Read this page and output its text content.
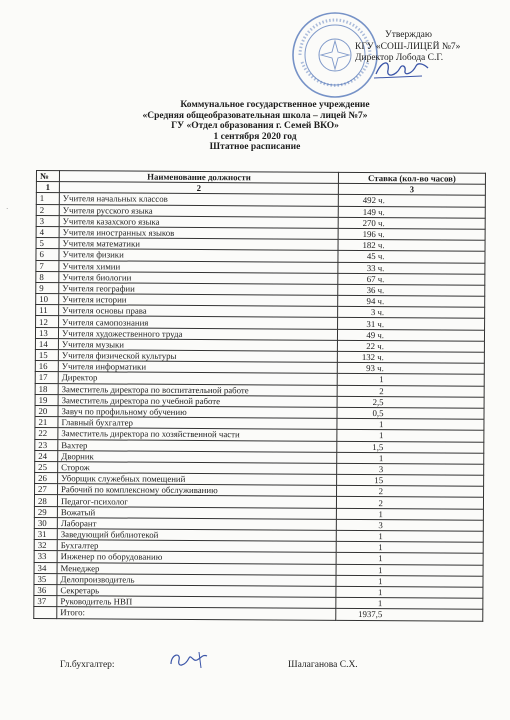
Утверждаю
КГУ «СОШ-ЛИЦЕЙ №7»
Директор Лобода С.Г.
Коммунальное государственное учреждение
«Средняя общеобразовательная школа – лицей №7»
ГУ «Отдел образования г. Семей ВКО»
1 сентября 2020 год
Штатное расписание
·
№	Наименование должности	Ставка (кол-во часов)
1	2	3
1	Учителя начальных классов	492 ч.
2	Учителя русского языка	149 ч.
3	Учителя казахского языка	270 ч.
4	Учителя иностранных языков	196 ч.
5	Учителя математики	182 ч.
6	Учителя физики	45 ч.
7	Учителя химии	33 ч.
8	Учителя биологии	67 ч.
9	Учителя географии	36 ч.
10	Учителя истории	94 ч.
11	Учителя основы права	3 ч.
12	Учителя самопознания	31 ч.
13	Учителя художественного труда	49 ч.
14	Учителя музыки	22 ч.
15	Учителя физической культуры	132 ч.
16	Учителя информатики	93 ч.
17	Директор	1
18	Заместитель директора по воспитательной работе	2
19	Заместитель директора по учебной работе	2,5
20	Завуч по профильному обучению	0,5
21	Главный бухгалтер	1
22	Заместитель директора по хозяйственной части	1
23	Вахтер	1,5
24	Дворник	1
25	Сторож	3
26	Уборщик служебных помещений	15
27	Рабочий по комплексному обслуживанию	2
28	Педагог-психолог	2
29	Вожатый	1
30	Лаборант	3
31	Заведующий библиотекой	1
32	Бухгалтер	1
33	Инженер по оборудованию	1
34	Менеджер	1
35	Делопроизводитель	1
36	Секретарь	1
37	Руководитель НВП	1
	Итого:	1937,5
Гл.бухгалтер:	Шалаганова С.Х.
